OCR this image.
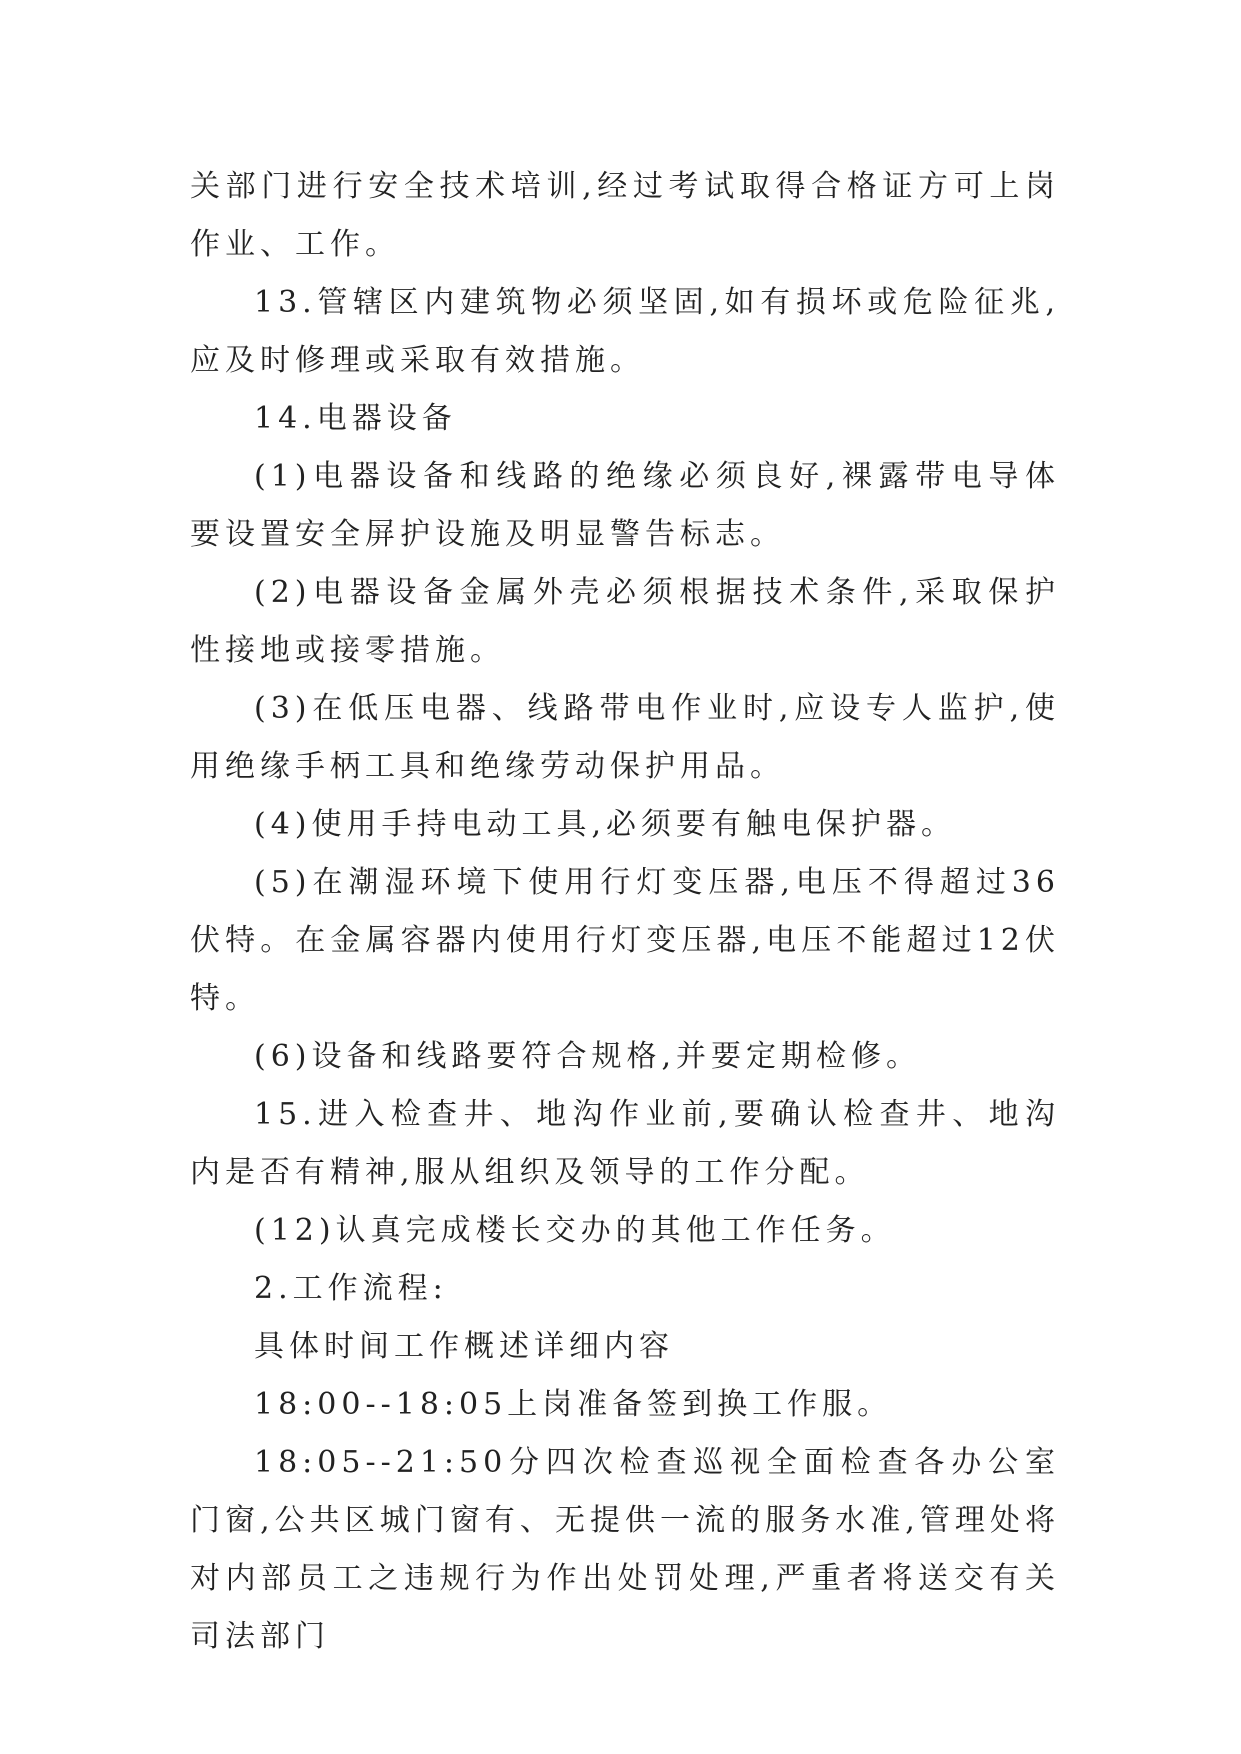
关部门进行安全技术培训,经过考试取得合格证方可上岗作业、工作。

13.管辖区内建筑物必须坚固,如有损坏或危险征兆,应及时修理或采取有效措施。

14.电器设备

(1)电器设备和线路的绝缘必须良好,裸露带电导体要设置安全屏护设施及明显警告标志。

(2)电器设备金属外壳必须根据技术条件,采取保护性接地或接零措施。

(3)在低压电器、线路带电作业时,应设专人监护,使用绝缘手柄工具和绝缘劳动保护用品。

(4)使用手持电动工具,必须要有触电保护器。

(5)在潮湿环境下使用行灯变压器,电压不得超过36伏特。在金属容器内使用行灯变压器,电压不能超过12伏特。

(6)设备和线路要符合规格,并要定期检修。

15.进入检查井、地沟作业前,要确认检查井、地沟内是否有精神,服从组织及领导的工作分配。

(12)认真完成楼长交办的其他工作任务。

2.工作流程:

具体时间工作概述详细内容

18:00--18:05上岗准备签到换工作服。

18:05--21:50分四次检查巡视全面检查各办公室门窗,公共区城门窗有、无提供一流的服务水准,管理处将对内部员工之违规行为作出处罚处理,严重者将送交有关司法部门
